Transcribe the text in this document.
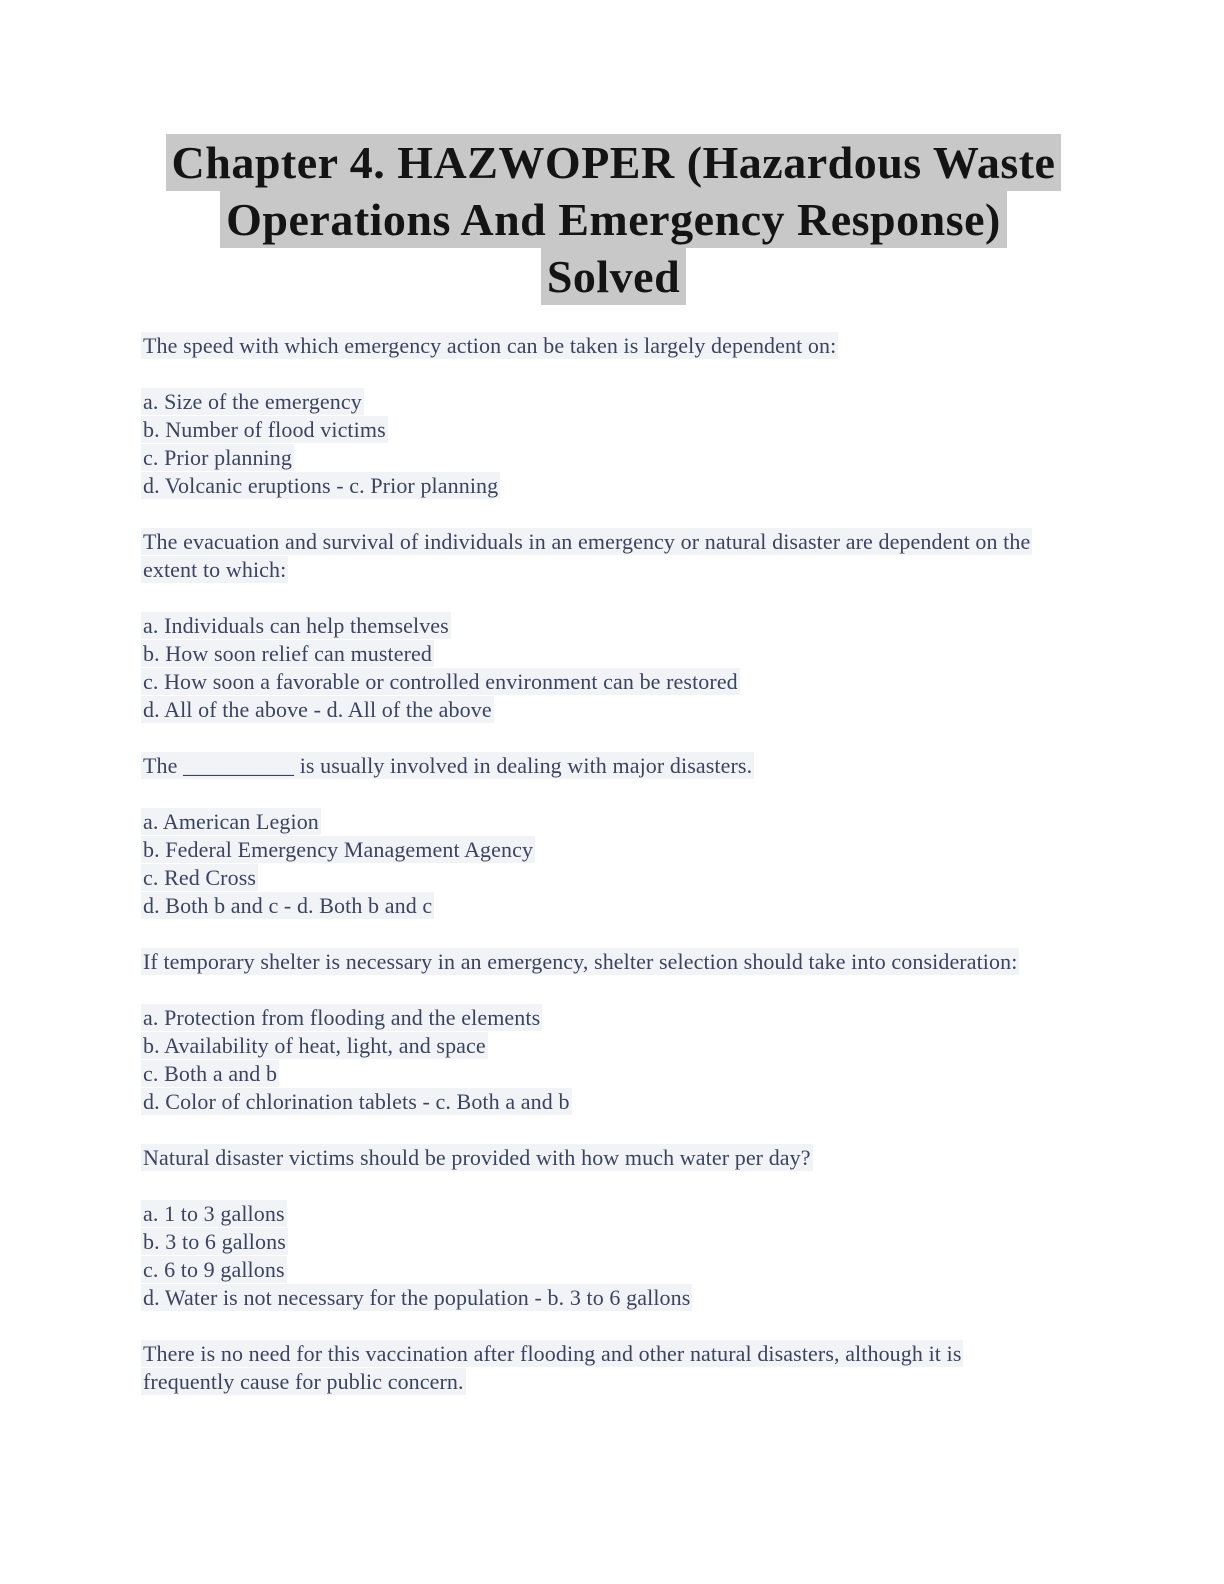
Chapter 4. HAZWOPER (Hazardous Waste
Operations And Emergency Response)
Solved

The speed with which emergency action can be taken is largely dependent on:

a. Size of the emergency
b. Number of flood victims
c. Prior planning
d. Volcanic eruptions - c. Prior planning

The evacuation and survival of individuals in an emergency or natural disaster are dependent on the extent to which:

a. Individuals can help themselves
b. How soon relief can mustered
c. How soon a favorable or controlled environment can be restored
d. All of the above - d. All of the above

The __________ is usually involved in dealing with major disasters.

a. American Legion
b. Federal Emergency Management Agency
c. Red Cross
d. Both b and c - d. Both b and c

If temporary shelter is necessary in an emergency, shelter selection should take into consideration:

a. Protection from flooding and the elements
b. Availability of heat, light, and space
c. Both a and b
d. Color of chlorination tablets - c. Both a and b

Natural disaster victims should be provided with how much water per day?

a. 1 to 3 gallons
b. 3 to 6 gallons
c. 6 to 9 gallons
d. Water is not necessary for the population - b. 3 to 6 gallons

There is no need for this vaccination after flooding and other natural disasters, although it is frequently cause for public concern.
